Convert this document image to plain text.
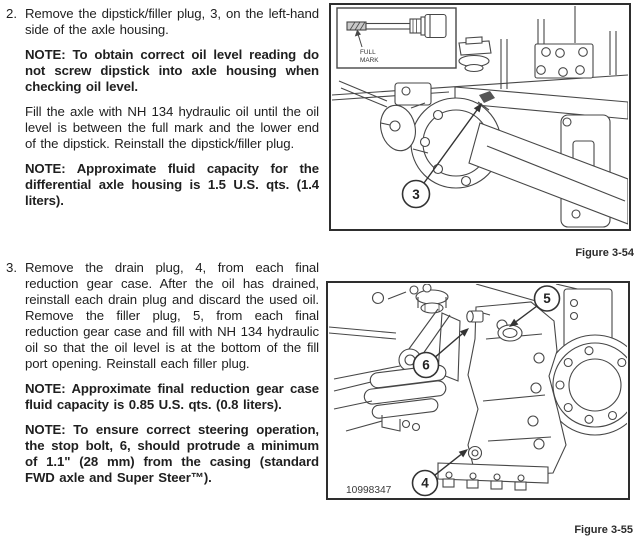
2. Remove the dipstick/filler plug, 3, on the left-hand side of the axle housing.

NOTE: To obtain correct oil level reading do not screw dipstick into axle housing when checking oil level.

Fill the axle with NH 134 hydraulic oil until the oil level is between the full mark and the lower end of the dipstick. Reinstall the dipstick/filler plug.

NOTE: Approximate fluid capacity for the differential axle housing is 1.5 U.S. qts. (1.4 liters).

3. Remove the drain plug, 4, from each final reduction gear case. After the oil has drained, reinstall each drain plug and discard the used oil. Remove the filler plug, 5, from each final reduction gear case and fill with NH 134 hydraulic oil so that the oil level is at the bottom of the fill port opening. Reinstall each filler plug.

NOTE: Approximate final reduction gear case fluid capacity is 0.85 U.S. qts. (0.8 liters).

NOTE: To ensure correct steering operation, the stop bolt, 6, should protrude a minimum of 1.1" (28 mm) from the casing (standard FWD axle and Super Steer™).

FULL
MARK
3
Figure 3-54
5
6
4
10998347
Figure 3-55
